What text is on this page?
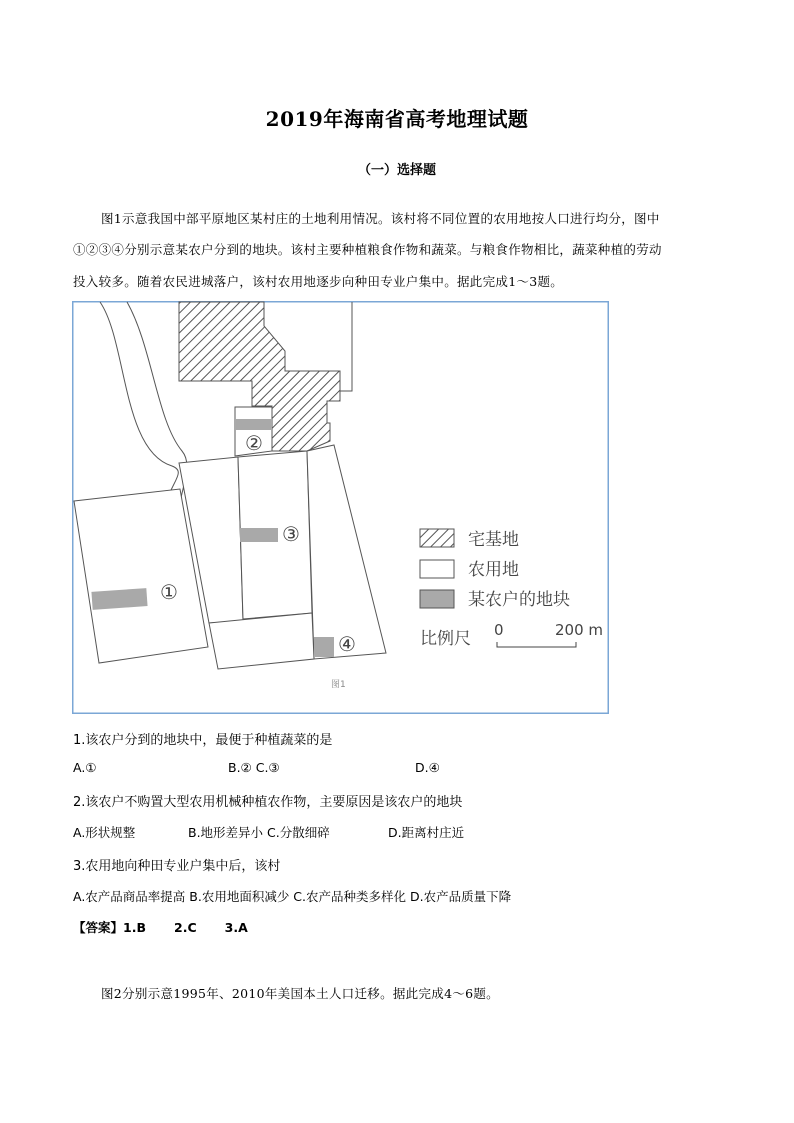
2019年海南省高考地理试题
（一）选择题
图1示意我国中部平原地区某村庄的土地利用情况。该村将不同位置的农用地按人口进行均分，图中
①②③④分别示意某农户分到的地块。该村主要种植粮食作物和蔬菜。与粮食作物相比，蔬菜种植的劳动
投入较多。随着农民进城落户，该村农用地逐步向种田专业户集中。据此完成1～3题。
①
②
③
④
宅基地
农用地
某农户的地块
比例尺 0	200 m
图1
1.该农户分到的地块中，最便于种植蔬菜的是
A.①	B.② C.③	D.④
2.该农户不购置大型农用机械种植农作物，主要原因是该农户的地块
A.形状规整	B.地形差异小 C.分散细碎	D.距离村庄近
3.农用地向种田专业户集中后，该村
A.农产品商品率提高 B.农用地面积减少 C.农产品种类多样化 D.农产品质量下降
【答案】1.B 2.C 3.A
图2分别示意1995年、2010年美国本土人口迁移。据此完成4～6题。
